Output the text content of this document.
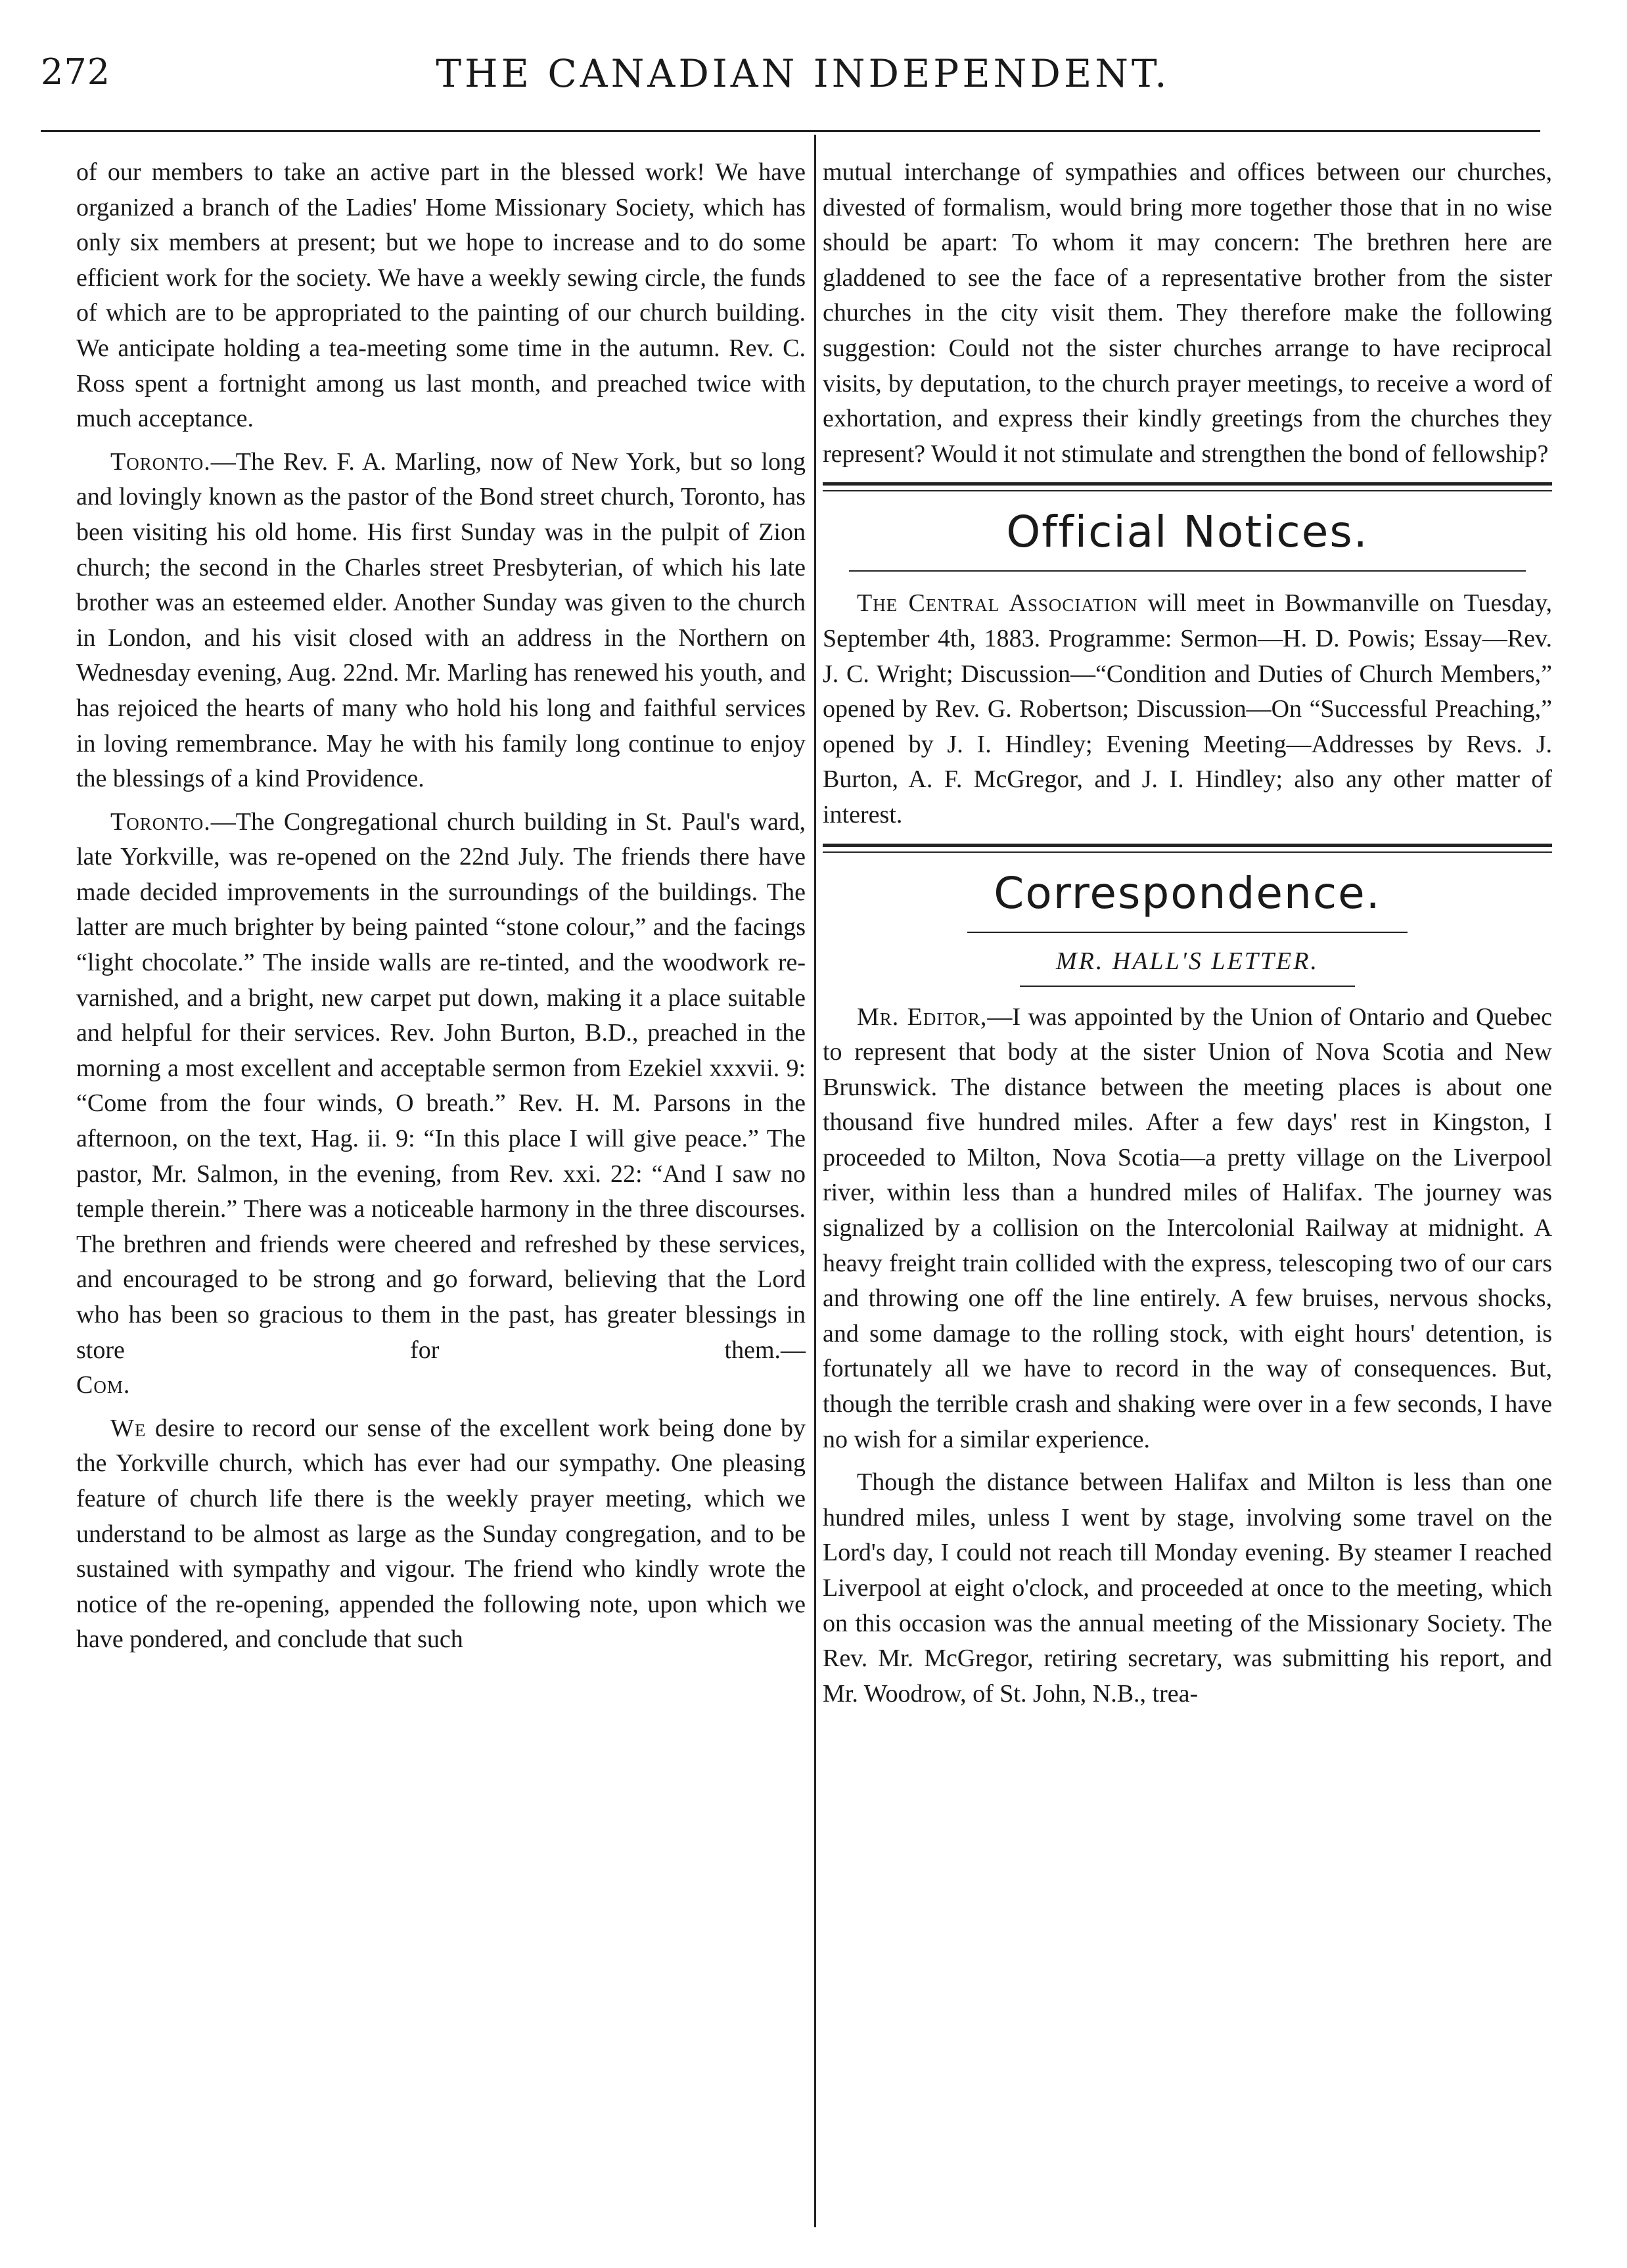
272	THE CANADIAN INDEPENDENT.

of our members to take an active part in the blessed work! We have organized a branch of the Ladies' Home Missionary Society, which has only six members at present; but we hope to increase and to do some efficient work for the society. We have a weekly sewing circle, the funds of which are to be appropriated to the painting of our church building. We anticipate holding a tea-meeting some time in the autumn. Rev. C. Ross spent a fortnight among us last month, and preached twice with much acceptance.

Toronto.—The Rev. F. A. Marling, now of New York, but so long and lovingly known as the pastor of the Bond street church, Toronto, has been visiting his old home. His first Sunday was in the pulpit of Zion church; the second in the Charles street Presbyterian, of which his late brother was an esteemed elder. Another Sunday was given to the church in London, and his visit closed with an address in the Northern on Wednesday evening, Aug. 22nd. Mr. Marling has renewed his youth, and has rejoiced the hearts of many who hold his long and faithful services in loving remembrance. May he with his family long continue to enjoy the blessings of a kind Providence.

Toronto.—The Congregational church building in St. Paul's ward, late Yorkville, was re-opened on the 22nd July. The friends there have made decided improvements in the surroundings of the buildings. The latter are much brighter by being painted “stone colour,” and the facings “light chocolate.” The inside walls are re-tinted, and the woodwork re-varnished, and a bright, new carpet put down, making it a place suitable and helpful for their services. Rev. John Burton, B.D., preached in the morning a most excellent and acceptable sermon from Ezekiel xxxvii. 9: “Come from the four winds, O breath.” Rev. H. M. Parsons in the afternoon, on the text, Hag. ii. 9: “In this place I will give peace.” The pastor, Mr. Salmon, in the evening, from Rev. xxi. 22: “And I saw no temple therein.” There was a noticeable harmony in the three discourses. The brethren and friends were cheered and refreshed by these services, and encouraged to be strong and go forward, believing that the Lord who has been so gracious to them in the past, has greater blessings in store for them.—

Com.

We desire to record our sense of the excellent work being done by the Yorkville church, which has ever had our sympathy. One pleasing feature of church life there is the weekly prayer meeting, which we understand to be almost as large as the Sunday congregation, and to be sustained with sympathy and vigour. The friend who kindly wrote the notice of the re-opening, appended the following note, upon which we have pondered, and conclude that such

mutual interchange of sympathies and offices between our churches, divested of formalism, would bring more together those that in no wise should be apart: To whom it may concern: The brethren here are gladdened to see the face of a representative brother from the sister churches in the city visit them. They therefore make the following suggestion: Could not the sister churches arrange to have reciprocal visits, by deputation, to the church prayer meetings, to receive a word of exhortation, and express their kindly greetings from the churches they represent? Would it not stimulate and strengthen the bond of fellowship?

Official Notices.

The Central Association will meet in Bowmanville on Tuesday, September 4th, 1883. Programme: Sermon—H. D. Powis; Essay—Rev. J. C. Wright; Discussion—“Condition and Duties of Church Members,” opened by Rev. G. Robertson; Discussion—On “Successful Preaching,” opened by J. I. Hindley; Evening Meeting—Addresses by Revs. J. Burton, A. F. McGregor, and J. I. Hindley; also any other matter of interest.

Correspondence.
MR. HALL'S LETTER.

Mr. Editor,—I was appointed by the Union of Ontario and Quebec to represent that body at the sister Union of Nova Scotia and New Brunswick. The distance between the meeting places is about one thousand five hundred miles. After a few days' rest in Kingston, I proceeded to Milton, Nova Scotia—a pretty village on the Liverpool river, within less than a hundred miles of Halifax. The journey was signalized by a collision on the Intercolonial Railway at midnight. A heavy freight train collided with the express, telescoping two of our cars and throwing one off the line entirely. A few bruises, nervous shocks, and some damage to the rolling stock, with eight hours' detention, is fortunately all we have to record in the way of consequences. But, though the terrible crash and shaking were over in a few seconds, I have no wish for a similar experience.

Though the distance between Halifax and Milton is less than one hundred miles, unless I went by stage, involving some travel on the Lord's day, I could not reach till Monday evening. By steamer I reached Liverpool at eight o'clock, and proceeded at once to the meeting, which on this occasion was the annual meeting of the Missionary Society. The Rev. Mr. McGregor, retiring secretary, was submitting his report, and Mr. Woodrow, of St. John, N.B., trea-
